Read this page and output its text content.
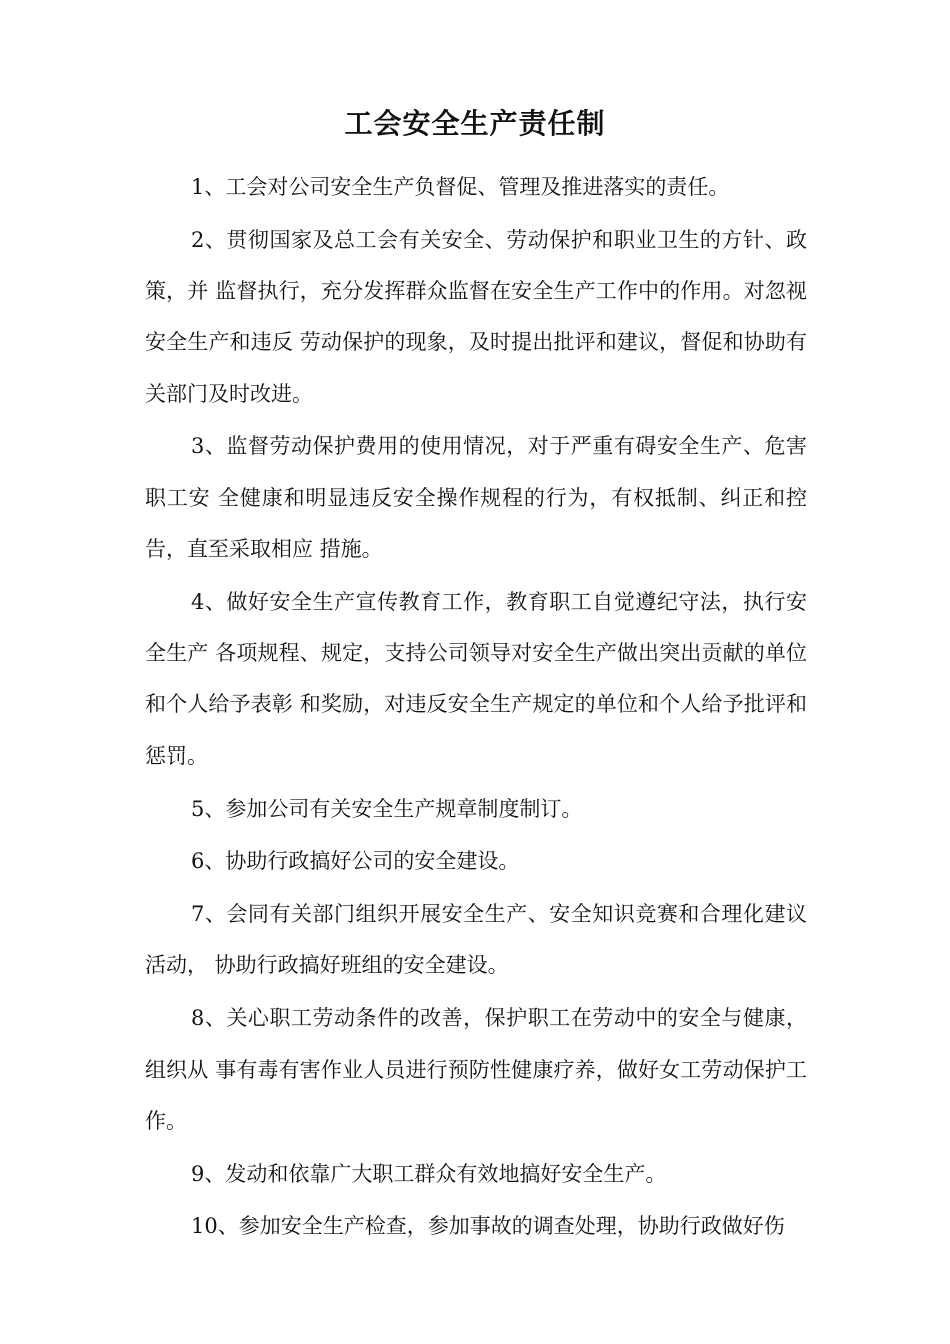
工会安全生产责任制

1、工会对公司安全生产负督促、管理及推进落实的责任。

2、贯彻国家及总工会有关安全、劳动保护和职业卫生的方针、政策，并 监督执行，充分发挥群众监督在安全生产工作中的作用。对忽视安全生产和违反 劳动保护的现象，及时提出批评和建议，督促和协助有关部门及时改进。

3、监督劳动保护费用的使用情况，对于严重有碍安全生产、危害职工安 全健康和明显违反安全操作规程的行为，有权抵制、纠正和控告，直至采取相应 措施。

4、做好安全生产宣传教育工作，教育职工自觉遵纪守法，执行安全生产 各项规程、规定，支持公司领导对安全生产做出突出贡献的单位和个人给予表彰 和奖励，对违反安全生产规定的单位和个人给予批评和惩罚。

5、参加公司有关安全生产规章制度制订。

6、协助行政搞好公司的安全建设。

7、会同有关部门组织开展安全生产、安全知识竞赛和合理化建议活动， 协助行政搞好班组的安全建设。

8、关心职工劳动条件的改善，保护职工在劳动中的安全与健康，组织从 事有毒有害作业人员进行预防性健康疗养，做好女工劳动保护工作。

9、发动和依靠广大职工群众有效地搞好安全生产。

10、参加安全生产检查，参加事故的调查处理，协助行政做好伤
